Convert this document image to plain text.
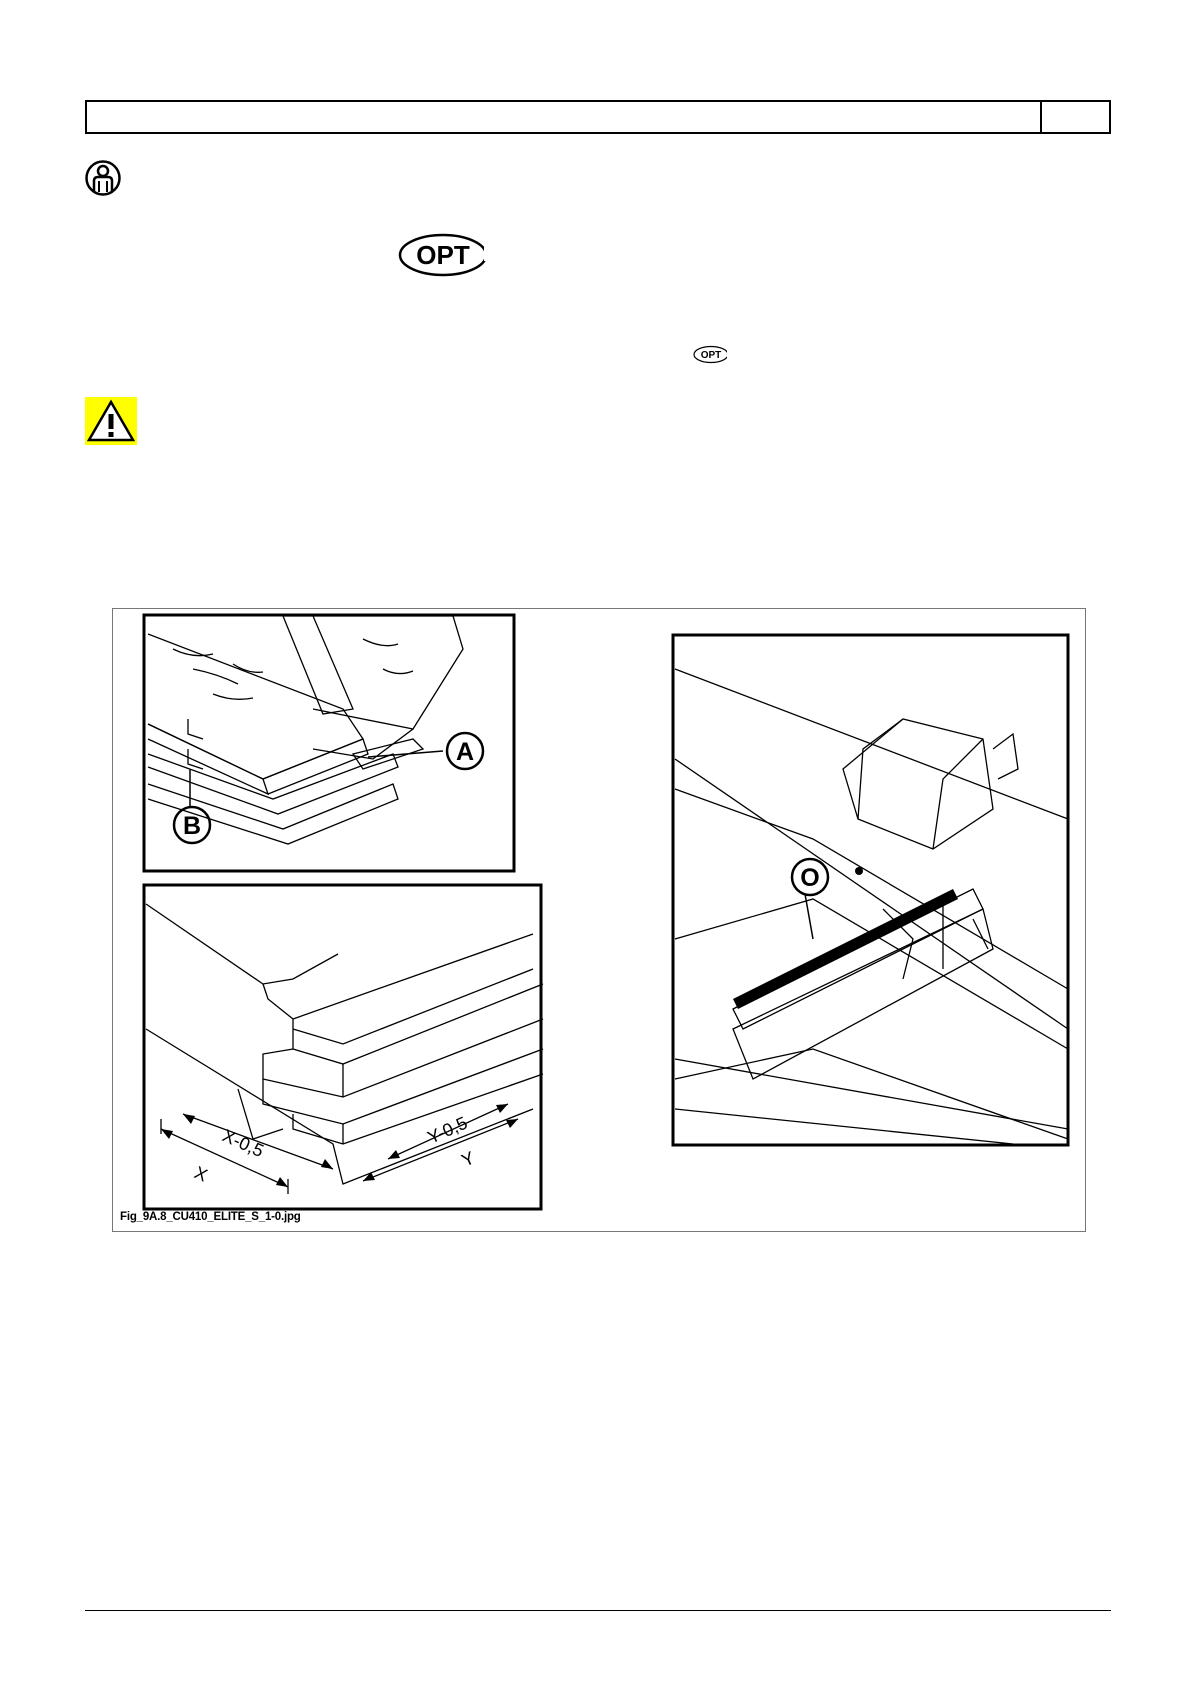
OPT
OPT
A
B
O
X-0,5
X
Y-0,5
Y
Fig_9A.8_CU410_ELITE_S_1-0.jpg
